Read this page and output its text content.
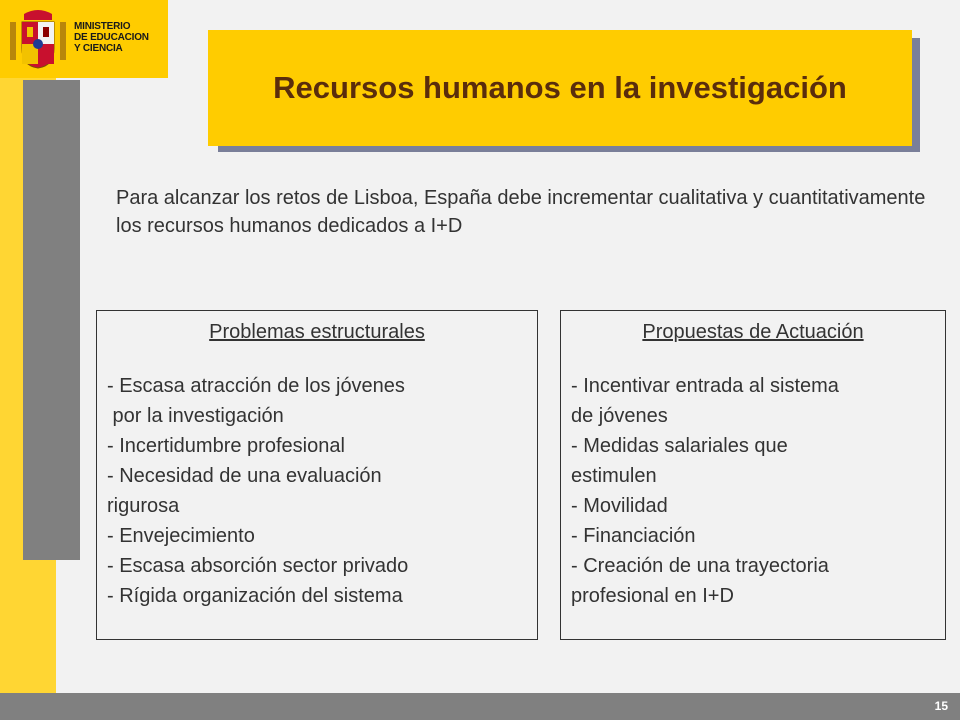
MINISTERIO
DE EDUCACION
Y CIENCIA
Recursos humanos en la investigación
Para alcanzar los retos de Lisboa, España debe incrementar cualitativa y cuantitativamente los recursos humanos dedicados a I+D
Problemas estructurales
- Escasa atracción de los jóvenes
por la investigación
- Incertidumbre profesional
- Necesidad de una evaluación
rigurosa
- Envejecimiento
- Escasa absorción sector privado
- Rígida organización del sistema
Propuestas de Actuación
- Incentivar entrada al sistema
de jóvenes
- Medidas salariales que
estimulen
- Movilidad
- Financiación
- Creación de una trayectoria
profesional en I+D
15
